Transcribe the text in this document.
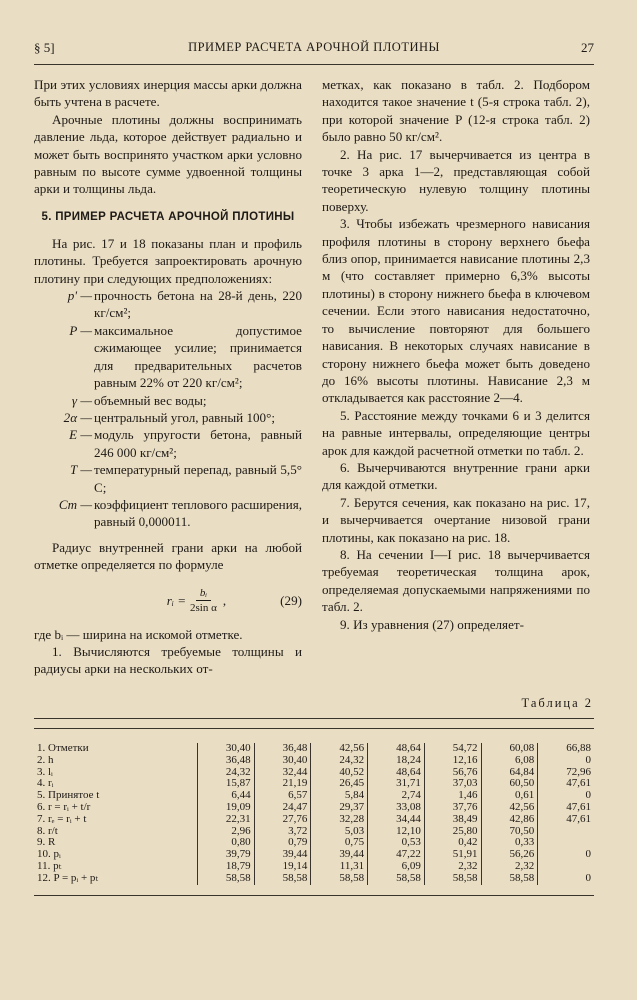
§ 5]	ПРИМЕР РАСЧЕТА АРОЧНОЙ ПЛОТИНЫ	27

При этих условиях инерция массы арки должна быть учтена в расчете.

Арочные плотины должны воспринимать давление льда, которое действует радиально и может быть воспринято участком арки условно равным по высоте сумме удвоенной толщины арки и толщины льда.

5. ПРИМЕР РАСЧЕТА АРОЧНОЙ ПЛОТИНЫ

На рис. 17 и 18 показаны план и профиль плотины. Требуется запроектировать арочную плотину при следующих предположениях:

p' — прочность бетона на 28-й день, 220 кг/см²;
P — максимальное допустимое сжимающее усилие; принимается для предварительных расчетов равным 22% от 220 кг/см²;
γ — объемный вес воды;
2α — центральный угол, равный 100°;
E — модуль упругости бетона, равный 246 000 кг/см²;
T — температурный перепад, равный 5,5° С;
Cт — коэффициент теплового расширения, равный 0,000011.

Радиус внутренней грани арки на любой отметке определяется по формуле

rᵢ = $\frac{\text{bᵢ}}{\text{2sin α}}$ ,	(29)

где bᵢ — ширина на искомой отметке.

1. Вычисляются требуемые толщины и радиусы арки на нескольких от-

метках, как показано в табл. 2. Подбором находится такое значение t (5-я строка табл. 2), при которой значение P (12-я строка табл. 2) было равно 50 кг/см².

2. На рис. 17 вычерчивается из центра в точке 3 арка 1—2, представляющая собой теоретическую нулевую толщину плотины поверху.

3. Чтобы избежать чрезмерного нависания профиля плотины в сторону верхнего бьефа близ опор, принимается нависание плотины 2,3 м (что составляет примерно 6,3% высоты плотины) в сторону нижнего бьефа в ключевом сечении. Если этого нависания недостаточно, то вычисление повторяют для большего нависания. В некоторых случаях нависание в сторону нижнего бьефа может быть доведено до 16% высоты плотины. Нависание 2,3 м откладывается как расстояние 2—4.

5. Расстояние между точками 6 и 3 делится на равные интервалы, определяющие центры арок для каждой расчетной отметки по табл. 2.

6. Вычерчиваются внутренние грани арки для каждой отметки.

7. Берутся сечения, как показано на рис. 17, и вычерчивается очертание низовой грани плотины, как показано на рис. 18.

8. На сечении I—I рис. 18 вычерчивается требуемая теоретическая толщина арок, определяемая допускаемыми напряжениями по табл. 2.

9. Из уравнения (27) определяет-

Таблица 2
1. Отметки	30,40	36,48	42,56	48,64	54,72	60,08	66,88
2. h	36,48	30,40	24,32	18,24	12,16	6,08	0
3. lᵢ	24,32	32,44	40,52	48,64	56,76	64,84	72,96
4. rᵢ	15,87	21,19	26,45	31,71	37,03	60,50	47,61
5. Принятое t	6,44	6,57	5,84	2,74	1,46	0,61	0
6. r = rᵢ + t/r	19,09	24,47	29,37	33,08	37,76	42,56	47,61
7. rₑ = rᵢ + t	22,31	27,76	32,28	34,44	38,49	42,86	47,61
8. r/t	2,96	3,72	5,03	12,10	25,80	70,50	
9. R	0,80	0,79	0,75	0,53	0,42	0,33	
10. pᵢ	39,79	39,44	39,44	47,22	51,91	56,26	0
11. pₜ	18,79	19,14	11,31	6,09	2,32	2,32	
12. P = pᵢ + pₜ	58,58	58,58	58,58	58,58	58,58	58,58	0
